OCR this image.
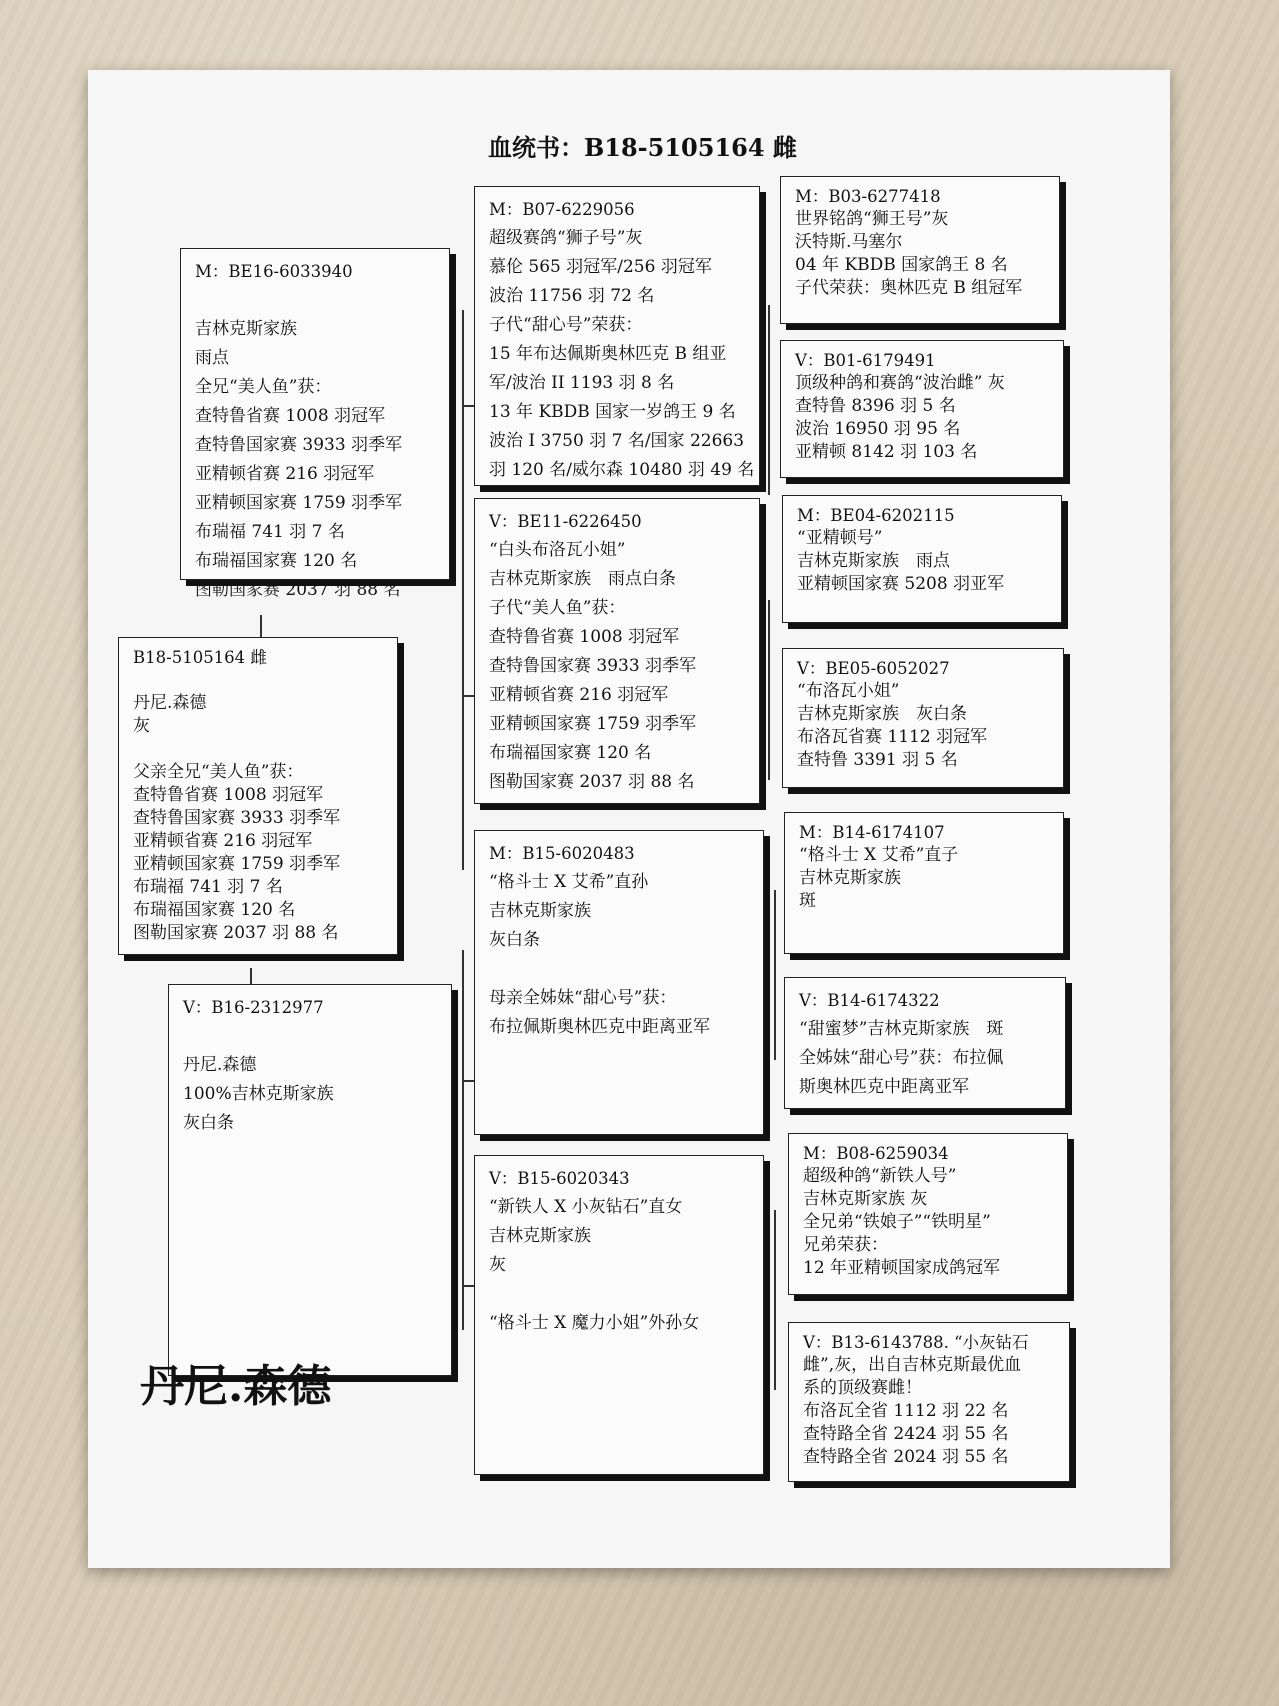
血统书：B18-5105164 雌
M：BE16-6033940
吉林克斯家族
雨点
全兄“美人鱼”获：
查特鲁省赛 1008 羽冠军
查特鲁国家赛 3933 羽季军
亚精顿省赛 216 羽冠军
亚精顿国家赛 1759 羽季军
布瑞福 741 羽 7 名
布瑞福国家赛 120 名
图勒国家赛 2037 羽 88 名
B18-5105164 雌
丹尼.森德
灰
父亲全兄“美人鱼”获：
查特鲁省赛 1008 羽冠军
查特鲁国家赛 3933 羽季军
亚精顿省赛 216 羽冠军
亚精顿国家赛 1759 羽季军
布瑞福 741 羽 7 名
布瑞福国家赛 120 名
图勒国家赛 2037 羽 88 名
V：B16-2312977
丹尼.森德
100%吉林克斯家族
灰白条
M：B07-6229056
超级赛鸽“狮子号”灰
慕伦 565 羽冠军/256 羽冠军
波治 11756 羽 72 名
子代“甜心号”荣获：
15 年布达佩斯奥林匹克 B 组亚
军/波治 II 1193 羽 8 名
13 年 KBDB 国家一岁鸽王 9 名
波治 I 3750 羽 7 名/国家 22663
羽 120 名/威尔森 10480 羽 49 名
V：BE11-6226450
“白头布洛瓦小姐”
吉林克斯家族　雨点白条
子代“美人鱼”获：
查特鲁省赛 1008 羽冠军
查特鲁国家赛 3933 羽季军
亚精顿省赛 216 羽冠军
亚精顿国家赛 1759 羽季军
布瑞福国家赛 120 名
图勒国家赛 2037 羽 88 名
M：B15-6020483
“格斗士 X 艾希”直孙
吉林克斯家族
灰白条
母亲全姊妹“甜心号”获：
布拉佩斯奥林匹克中距离亚军
V：B15-6020343
“新铁人 X 小灰钻石”直女
吉林克斯家族
灰
“格斗士 X 魔力小姐”外孙女
M：B03-6277418
世界铭鸽“狮王号”灰
沃特斯.马塞尔
04 年 KBDB 国家鸽王 8 名
子代荣获：奥林匹克 B 组冠军
V：B01-6179491
顶级种鸽和赛鸽“波治雌” 灰
查特鲁 8396 羽 5 名
波治 16950 羽 95 名
亚精顿 8142 羽 103 名
M：BE04-6202115
“亚精顿号”
吉林克斯家族　雨点
亚精顿国家赛 5208 羽亚军
V：BE05-6052027
“布洛瓦小姐”
吉林克斯家族　灰白条
布洛瓦省赛 1112 羽冠军
查特鲁 3391 羽 5 名
M：B14-6174107
“格斗士 X 艾希”直子
吉林克斯家族
斑
V：B14-6174322
“甜蜜梦”吉林克斯家族　斑
全姊妹“甜心号”获：布拉佩
斯奥林匹克中距离亚军
M：B08-6259034
超级种鸽“新铁人号”
吉林克斯家族 灰
全兄弟“铁娘子”“铁明星”
兄弟荣获：
12 年亚精顿国家成鸽冠军
V：B13-6143788. “小灰钻石
雌”,灰，出自吉林克斯最优血
系的顶级赛雌！
布洛瓦全省 1112 羽 22 名
查特路全省 2424 羽 55 名
查特路全省 2024 羽 55 名
丹尼.森德
